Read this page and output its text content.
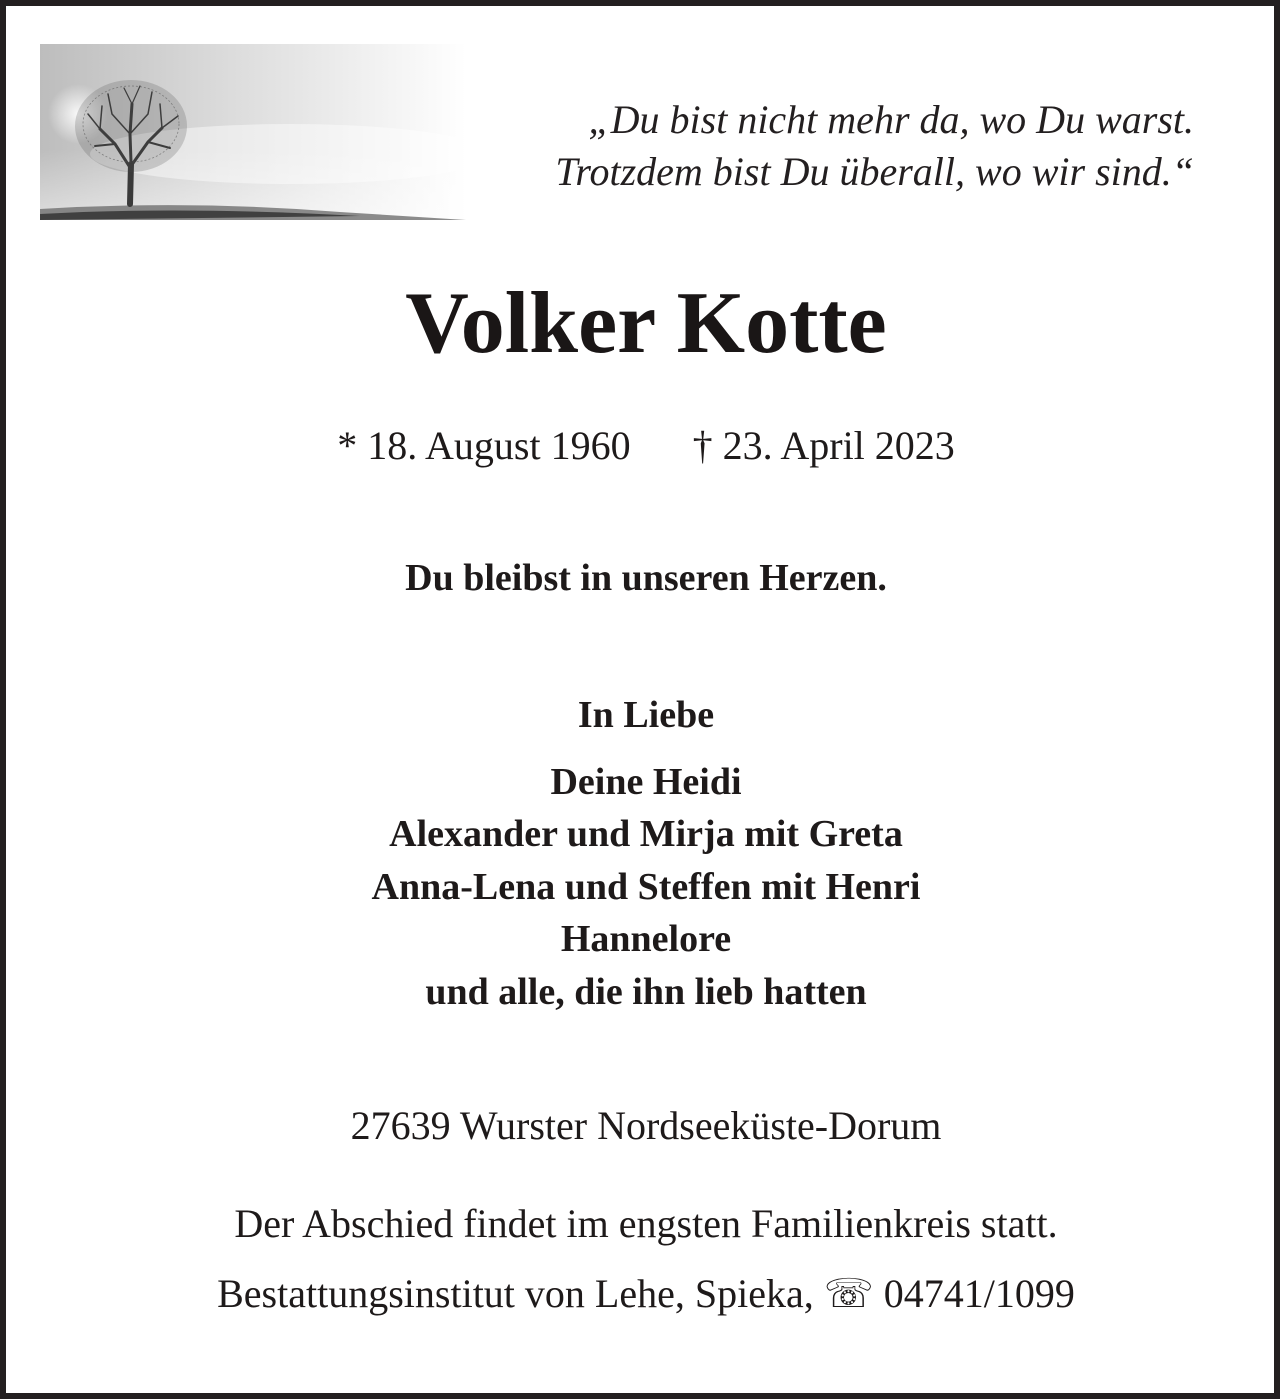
„Du bist nicht mehr da, wo Du warst.
Trotzdem bist Du überall, wo wir sind.“
Volker Kotte
* 18. August 1960 † 23. April 2023
Du bleibst in unseren Herzen.
In Liebe
Deine Heidi
Alexander und Mirja mit Greta
Anna-Lena und Steffen mit Henri
Hannelore
und alle, die ihn lieb hatten
27639 Wurster Nordseeküste-Dorum
Der Abschied findet im engsten Familienkreis statt.
Bestattungsinstitut von Lehe, Spieka, ☏ 04741/1099
